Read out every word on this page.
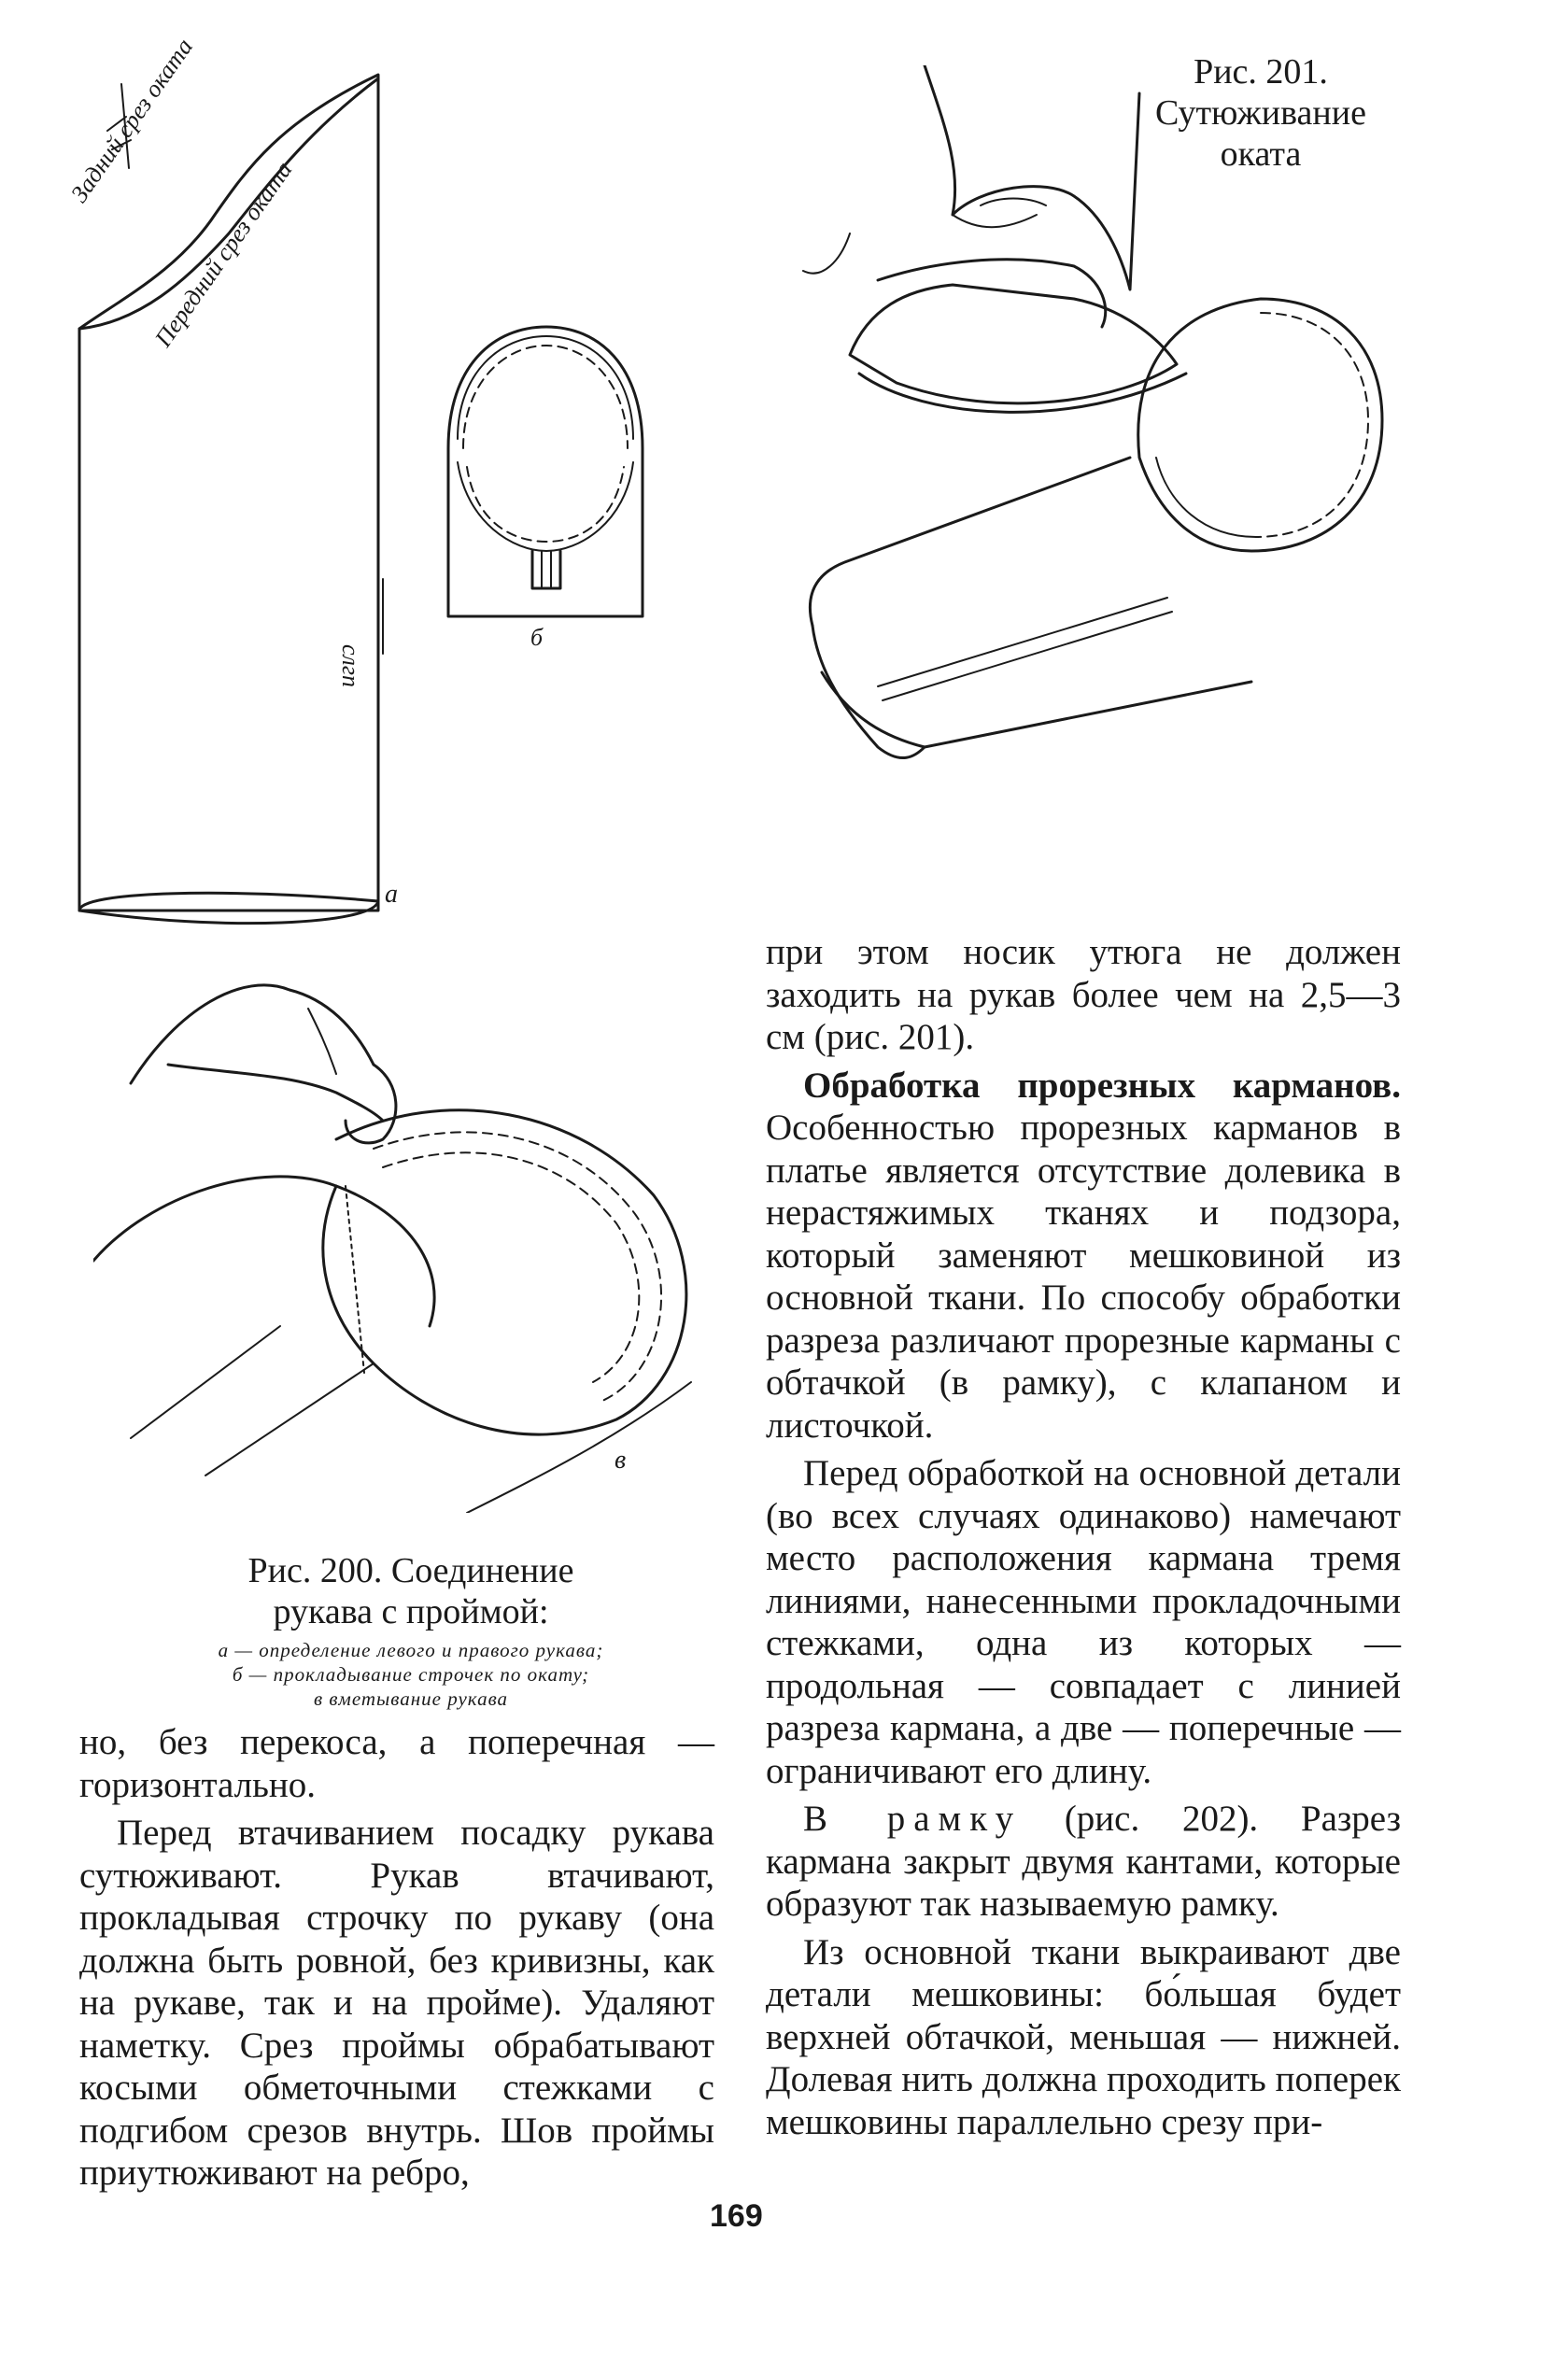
Задний срез оката
Передний срез оката
слгп
а
б
Рис. 201.
Сутюживание
оката
в
Рис. 200. Соединение
рукава с проймой:
а — определение левого и правого рукава;
б — прокладывание строчек по окату;
в вметывание рукава

но, без перекоса, а поперечная — горизонтально.

Перед втачиванием посадку рукава сутюживают. Рукав втачивают, прокладывая строчку по рукаву (она должна быть ровной, без кривизны, как на рукаве, так и на пройме). Удаляют наметку. Срез проймы обрабатывают косыми обметочными стежками с подгибом срезов внутрь. Шов проймы приутюживают на ребро,

при этом носик утюга не должен заходить на рукав более чем на 2,5—3 см (рис. 201).

Обработка прорезных карманов. Особенностью прорезных карманов в платье является отсутствие долевика в нерастяжимых тканях и подзора, который заменяют мешковиной из основной ткани. По способу обработки разреза различают прорезные карманы с обтачкой (в рамку), с клапаном и листочкой.

Перед обработкой на основной детали (во всех случаях одинаково) намечают место расположения кармана тремя линиями, нанесенными прокладочными стежками, одна из которых — продольная — совпадает с линией разреза кармана, а две — поперечные — ограничивают его длину.

В рамку (рис. 202). Разрез кармана закрыт двумя кантами, которые образуют так называемую рамку.

Из основной ткани выкраивают две детали мешковины: бо́льшая будет верхней обтачкой, меньшая — нижней. Долевая нить должна проходить поперек мешковины параллельно срезу при-

169
